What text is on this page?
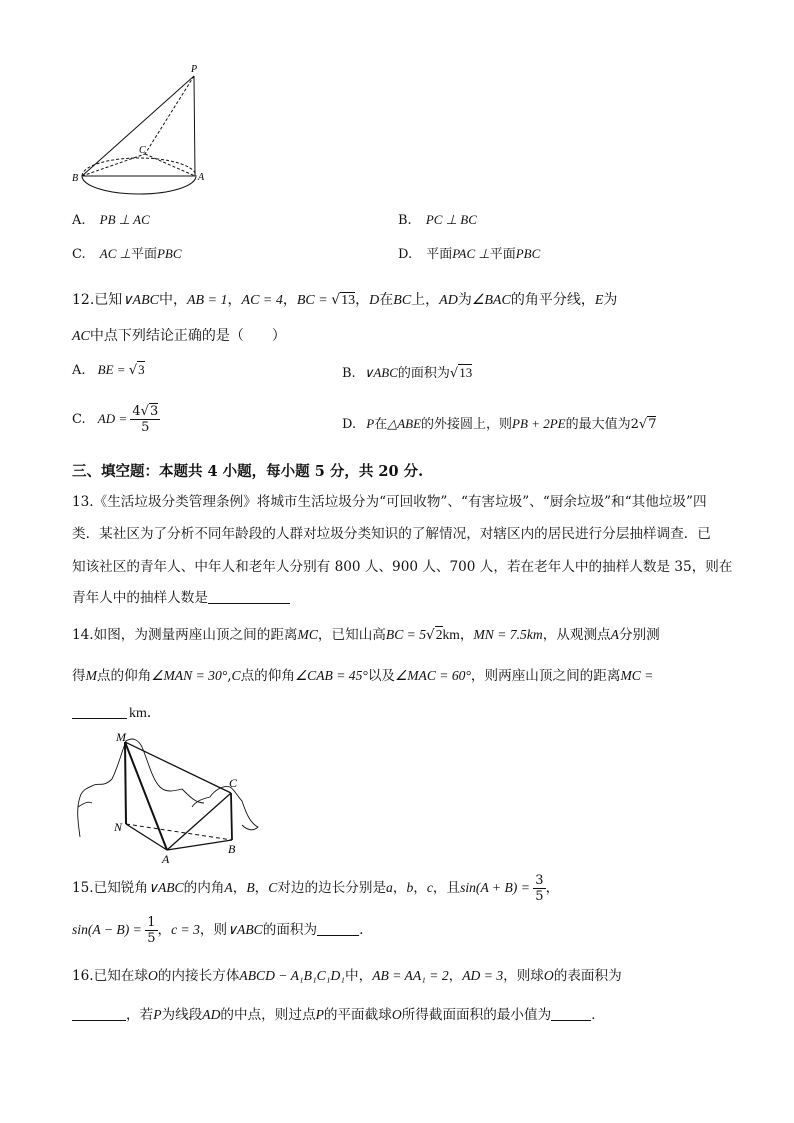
P
C
B	A
A. PB ⊥ AC	B. PC ⊥ BC
C. AC ⊥平面PBC	D. 平面PAC ⊥平面PBC
12.已知∨ABC中，AB = 1，AC = 4，BC = √13，D在BC上，AD为∠BAC的角平分线，E为
AC中点下列结论正确的是（　　）
A. BE = √3	B. ∨ABC的面积为√13
C. AD = $\frac{4√3}{5}$	D. P在△ABE的外接圆上，则PB + 2PE的最大值为2√7
三、填空题：本题共 4 小题，每小题 5 分，共 20 分.
13.《生活垃圾分类管理条例》将城市生活垃圾分为“可回收物”、“有害垃圾”、“厨余垃圾”和“其他垃圾”四
类．某社区为了分析不同年龄段的人群对垃圾分类知识的了解情况，对辖区内的居民进行分层抽样调查．已
知该社区的青年人、中年人和老年人分别有 800 人、900 人、700 人，若在老年人中的抽样人数是 35，则在
青年人中的抽样人数是
14.如图，为测量两座山顶之间的距离MC，已知山高BC = 5√2km，MN = 7.5km，从观测点A分别测
得M点的仰角∠MAN = 30°,C点的仰角∠CAB = 45°以及∠MAC = 60°，则两座山顶之间的距离MC =
km．
M
C
N
A
B
15.已知锐角∨ABC的内角A，B，C对边的边长分别是a，b，c，且$\sin(A + B) = \frac{3}{5}$ ，
$\sin(A - B) = \frac{1}{5}$ ，c = 3，则∨ABC的面积为	.
16.已知在球O的内接长方体ABCD − A₁B₁C₁D₁中，AB = AA₁ = 2，AD = 3，则球O的表面积为
，若P为线段AD的中点，则过点P的平面截球O所得截面面积的最小值为	．
